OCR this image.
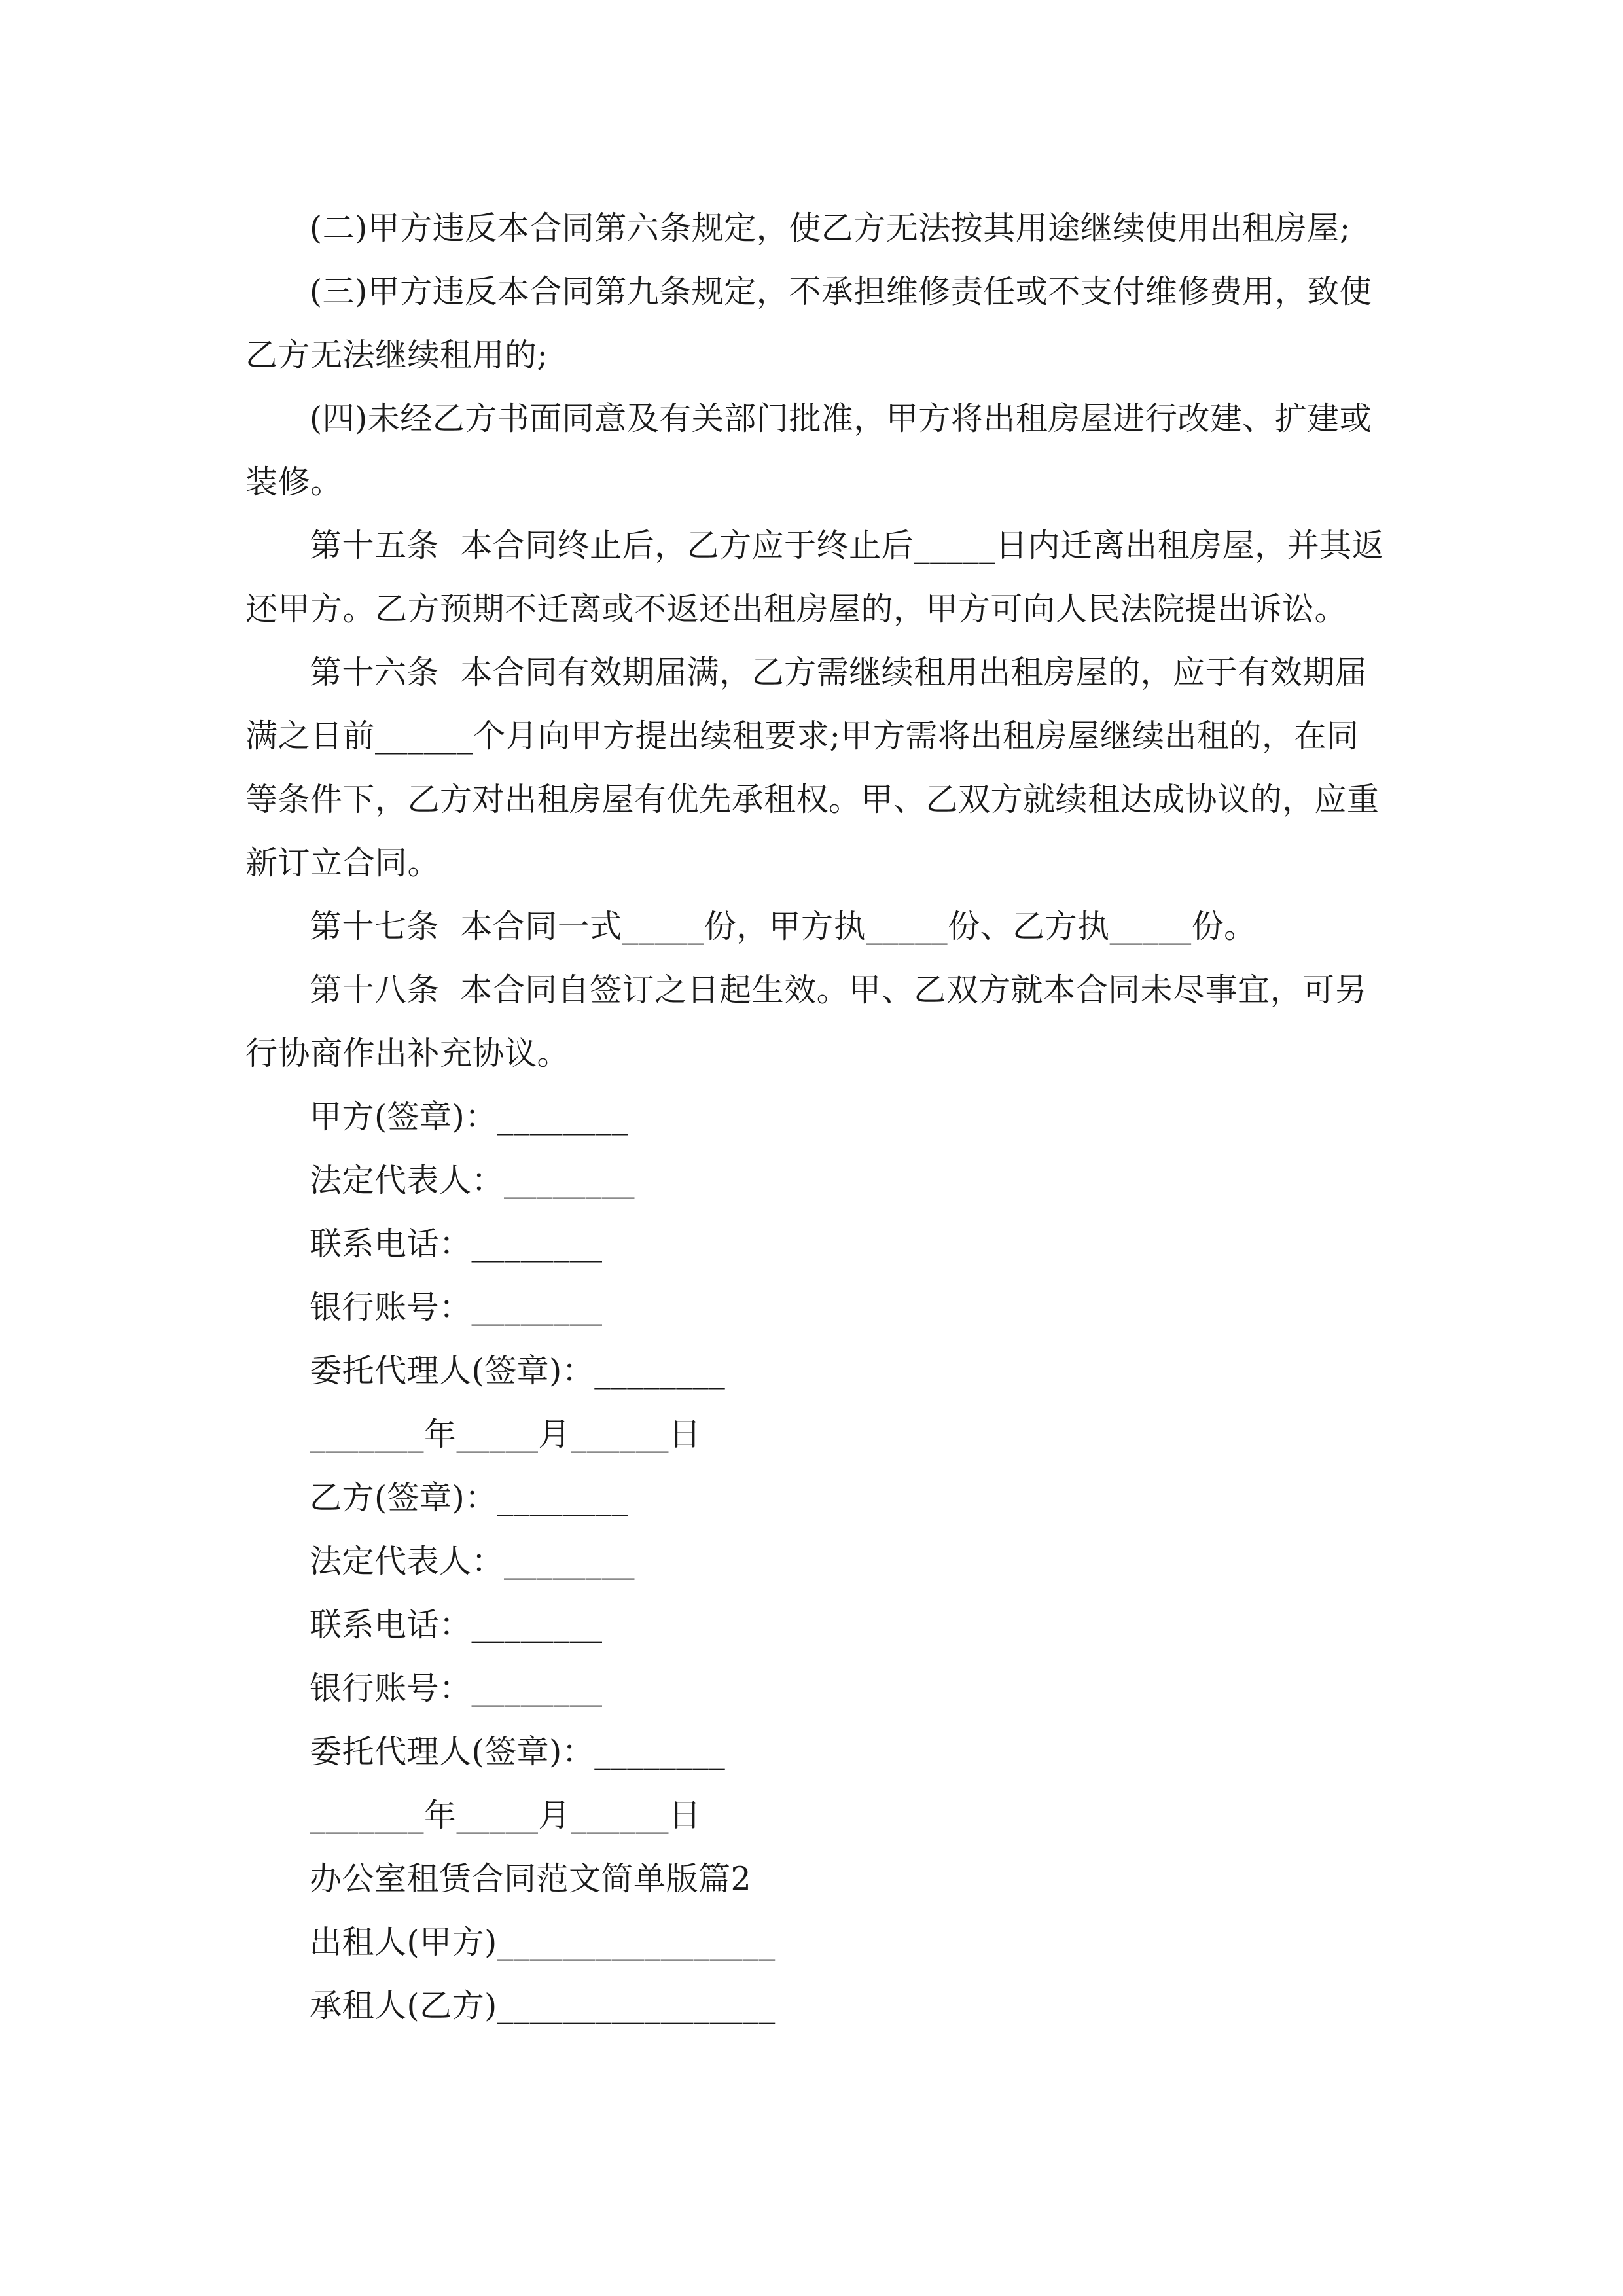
(二)甲方违反本合同第六条规定，使乙方无法按其用途继续使用出租房屋;
(三)甲方违反本合同第九条规定，不承担维修责任或不支付维修费用，致使
乙方无法继续租用的;
(四)未经乙方书面同意及有关部门批准，甲方将出租房屋进行改建、扩建或
装修。
第十五条  本合同终止后，乙方应于终止后_____日内迁离出租房屋，并其返
还甲方。乙方预期不迁离或不返还出租房屋的，甲方可向人民法院提出诉讼。
第十六条  本合同有效期届满，乙方需继续租用出租房屋的，应于有效期届
满之日前______个月向甲方提出续租要求;甲方需将出租房屋继续出租的，在同
等条件下，乙方对出租房屋有优先承租权。甲、乙双方就续租达成协议的，应重
新订立合同。
第十七条  本合同一式_____份，甲方执_____份、乙方执_____份。
第十八条  本合同自签订之日起生效。甲、乙双方就本合同未尽事宜，可另
行协商作出补充协议。
甲方(签章)：________
法定代表人：________
联系电话：________
银行账号：________
委托代理人(签章)：________
_______年_____月______日
乙方(签章)：________
法定代表人：________
联系电话：________
银行账号：________
委托代理人(签章)：________
_______年_____月______日
办公室租赁合同范文简单版篇2
出租人(甲方)_________________
承租人(乙方)_________________
